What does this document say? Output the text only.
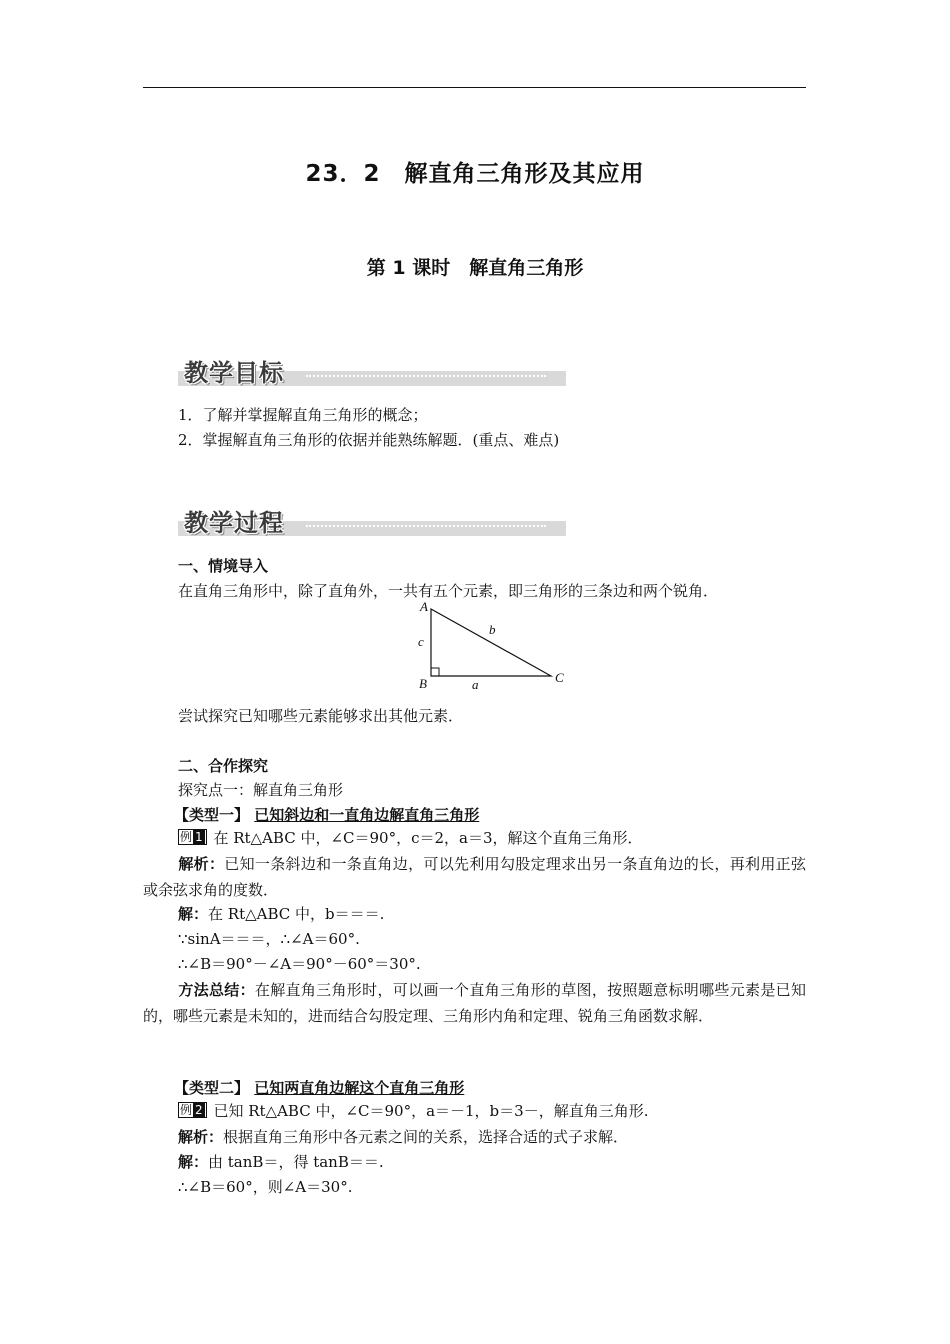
23．2　解直角三角形及其应用
第 1 课时　解直角三角形
教学目标
1．了解并掌握解直角三角形的概念；
2．掌握解直角三角形的依据并能熟练解题．(重点、难点)
教学过程
一、情境导入
在直角三角形中，除了直角外，一共有五个元素，即三角形的三条边和两个锐角．
A
B	C
c
b
a
尝试探究已知哪些元素能够求出其他元素．
二、合作探究
探究点一：解直角三角形
【类型一】 已知斜边和一直角边解直角三角形
例 1 在 Rt△ABC 中，∠C＝90°，c＝2，a＝3，解这个直角三角形．
解析：已知一条斜边和一条直角边，可以先利用勾股定理求出另一条直角边的长，再利用正弦或余弦求角的度数．
解：在 Rt△ABC 中，b＝＝＝.
∵sinA＝＝＝，∴∠A＝60°.
∴∠B＝90°－∠A＝90°－60°＝30°.
方法总结：在解直角三角形时，可以画一个直角三角形的草图，按照题意标明哪些元素是已知的，哪些元素是未知的，进而结合勾股定理、三角形内角和定理、锐角三角函数求解．
【类型二】 已知两直角边解这个直角三角形
例 2 已知 Rt△ABC 中，∠C＝90°，a＝－1，b＝3－，解直角三角形.
解析：根据直角三角形中各元素之间的关系，选择合适的式子求解．
解：由 tanB＝，得 tanB＝＝.
∴∠B＝60°，则∠A＝30°.
